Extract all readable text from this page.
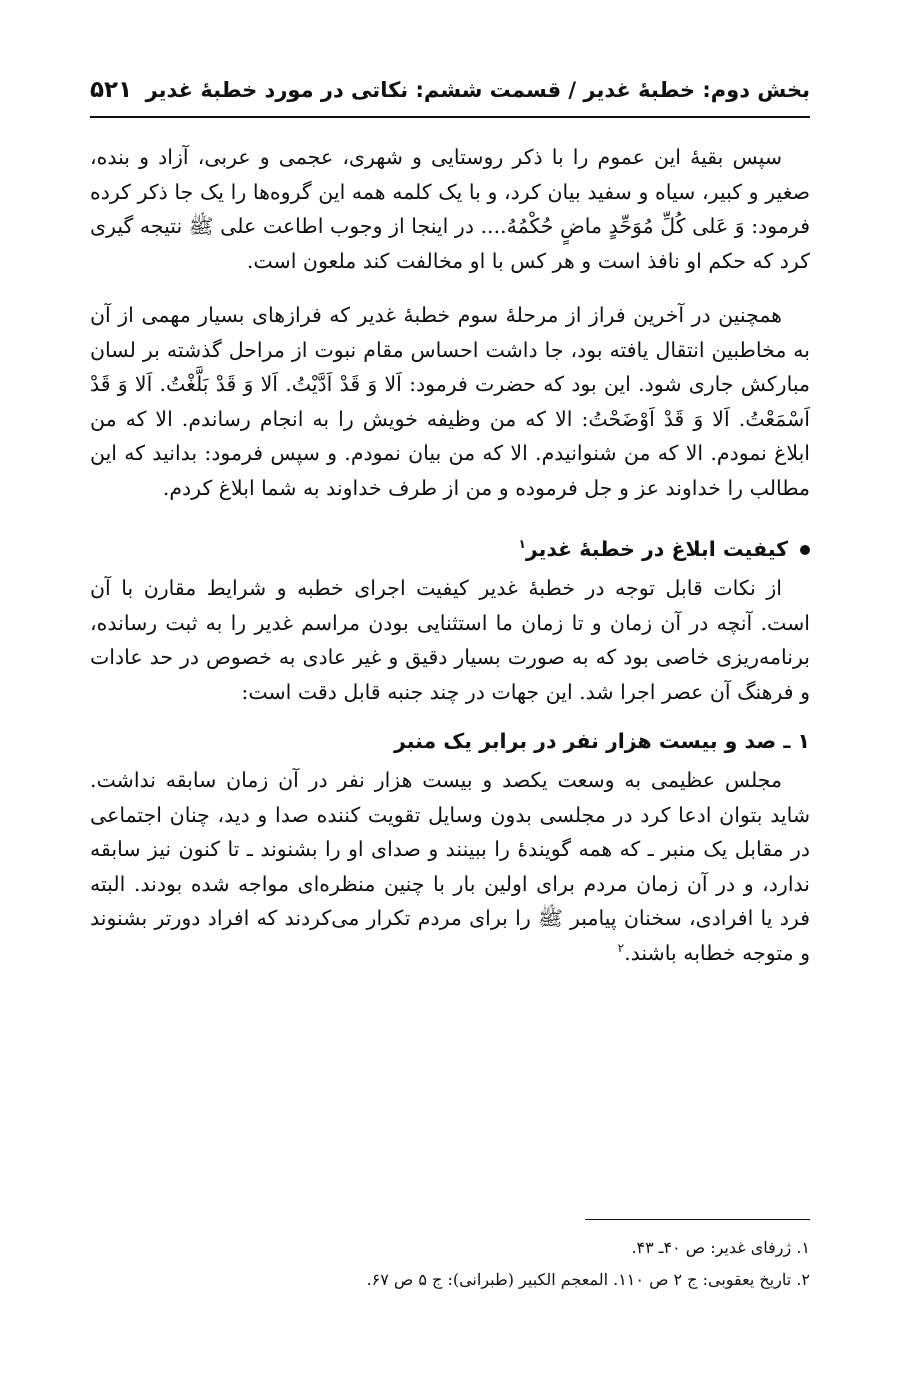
بخش دوم: خطبۀ غدیر / قسمت ششم: نکاتی در مورد خطبۀ غدیر
۵۲۱

سپس بقیۀ این عموم را با ذکر روستایی و شهری، عجمی و عربی، آزاد و بنده، صغیر و کبیر، سیاه و سفید بیان کرد، و با یک کلمه همه این گروه‌ها را یک جا ذکر کرده فرمود: وَ عَلی کُلِّ مُوَحِّدٍ ماضٍ حُکْمُهُ.... در اینجا از وجوب اطاعت علی ﷺ نتیجه گیری کرد که حکم او نافذ است و هر کس با او مخالفت کند ملعون است.

همچنین در آخرین فراز از مرحلۀ سوم خطبۀ غدیر که فرازهای بسیار مهمی از آن به مخاطبین انتقال یافته بود، جا داشت احساس مقام نبوت از مراحل گذشته بر لسان مبارکش جاری شود. این بود که حضرت فرمود: اَلا وَ قَدْ اَدَّیْتُ. اَلا وَ قَدْ بَلَّغْتُ. اَلا وَ قَدْ اَسْمَعْتُ. اَلا وَ قَدْ اَوْضَحْتُ: الا که من وظیفه خویش را به انجام رساندم. الا که من ابلاغ نمودم. الا که من شنوانیدم. الا که من بیان نمودم. و سپس فرمود: بدانید که این مطالب را خداوند عز و جل فرموده و من از طرف خداوند به شما ابلاغ کردم.

کیفیت ابلاغ در خطبۀ غدیر$^۱$

از نکات قابل توجه در خطبۀ غدیر کیفیت اجرای خطبه و شرایط مقارن با آن است. آنچه در آن زمان و تا زمان ما استثنایی بودن مراسم غدیر را به ثبت رسانده، برنامه‌ریزی خاصی بود که به صورت بسیار دقیق و غیر عادی به خصوص در حد عادات و فرهنگ آن عصر اجرا شد. این جهات در چند جنبه قابل دقت است:

۱ ـ صد و بیست هزار نفر در برابر یک منبر

مجلس عظیمی به وسعت یکصد و بیست هزار نفر در آن زمان سابقه نداشت. شاید بتوان ادعا کرد در مجلسی بدون وسایل تقویت کننده صدا و دید، چنان اجتماعی در مقابل یک منبر ـ که همه گویندۀ را ببینند و صدای او را بشنوند ـ تا کنون نیز سابقه ندارد، و در آن زمان مردم برای اولین بار با چنین منظره‌ای مواجه شده بودند. البته فرد یا افرادی، سخنان پیامبر ﷺ را برای مردم تکرار می‌کردند که افراد دورتر بشنوند و متوجه خطابه باشند.$^۲$

۱. ژرفای غدیر: ص ۴۰ـ ۴۳.

۲. تاریخ یعقوبی: ج ۲ ص ۱۱۰. المعجم الکبیر (طبرانی): ج ۵ ص ۶۷.
